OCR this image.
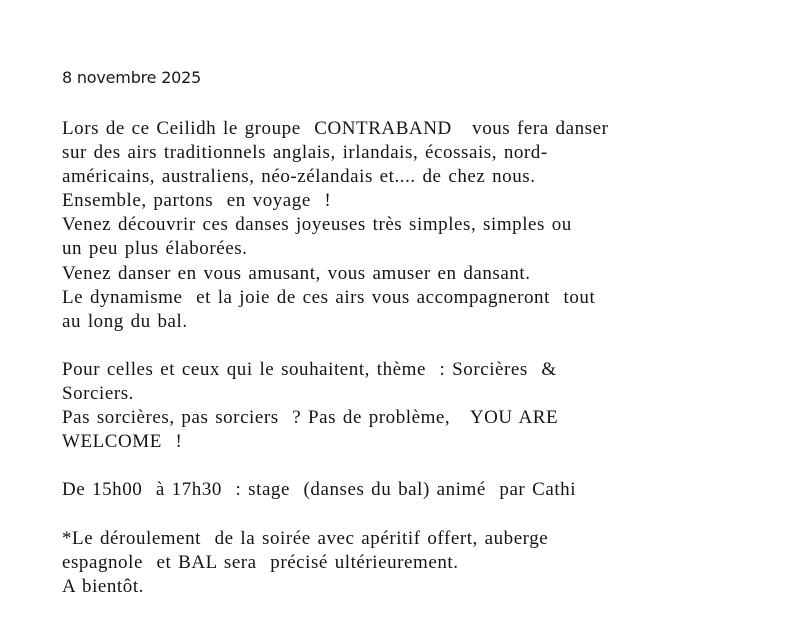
8 novembre 2025
Lors de ce Ceilidh le groupe  CONTRABAND   vous fera danser
sur des airs traditionnels anglais, irlandais, écossais, nord-
américains, australiens, néo-zélandais et.... de chez nous.
Ensemble, partons  en voyage  !
Venez découvrir ces danses joyeuses très simples, simples ou
un peu plus élaborées.
Venez danser en vous amusant, vous amuser en dansant.
Le dynamisme  et la joie de ces airs vous accompagneront  tout
au long du bal.
Pour celles et ceux qui le souhaitent, thème  : Sorcières  &
Sorciers.
Pas sorcières, pas sorciers  ? Pas de problème,   YOU ARE
WELCOME  !
De 15h00  à 17h30  : stage  (danses du bal) animé  par Cathi
*Le déroulement  de la soirée avec apéritif offert, auberge
espagnole  et BAL sera  précisé ultérieurement.
A bientôt.
